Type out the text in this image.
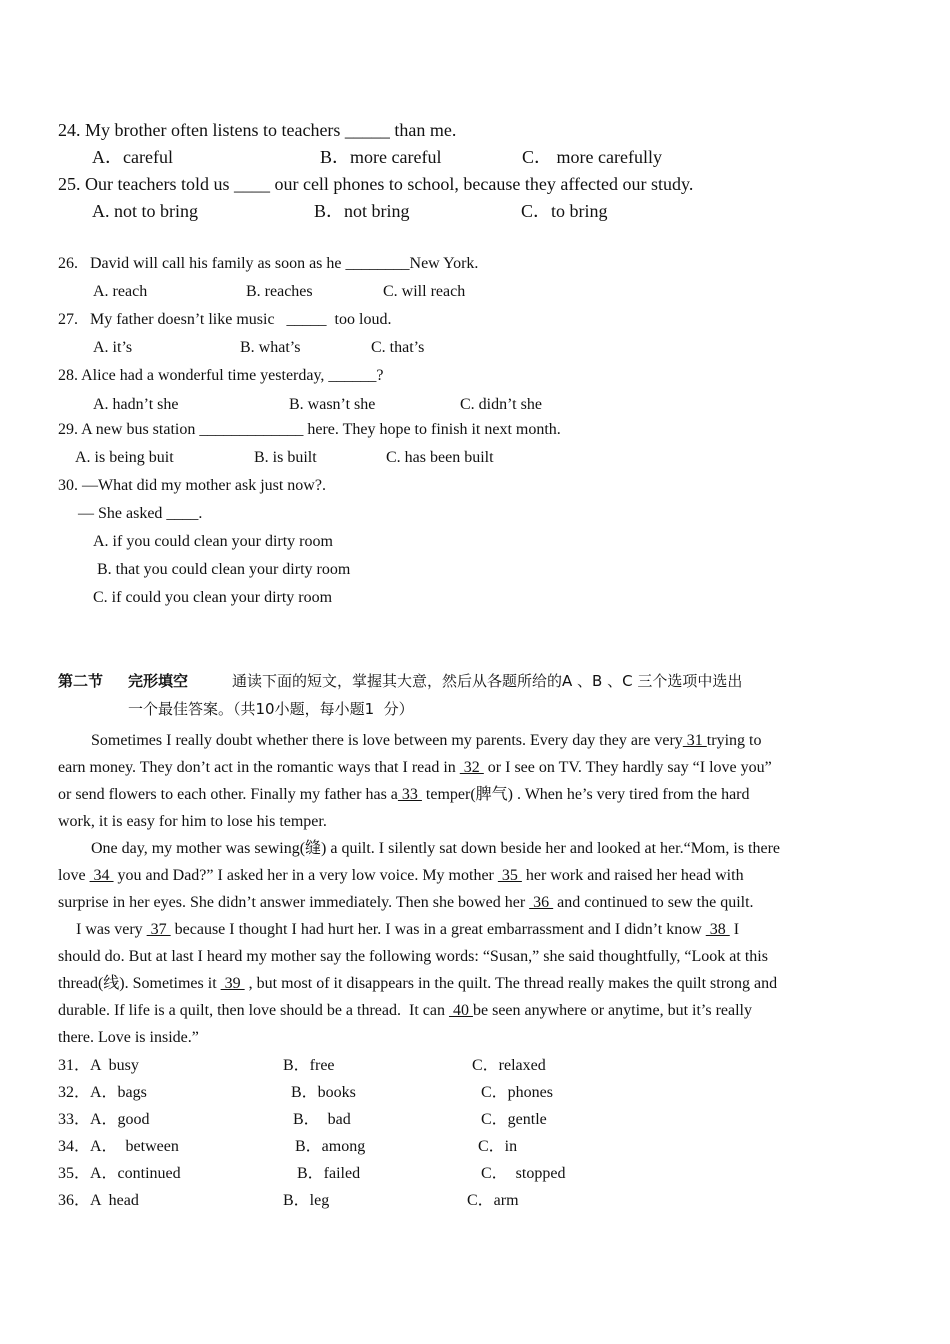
24. My brother often listens to teachers _____ than me.
A．careful	B．more careful	C． more carefully
25. Our teachers told us ____ our cell phones to school, because they affected our study.
A. not to bring	B．not bring	C．to bring
26.   David will call his family as soon as he ________New York.
A. reach	B. reaches	C. will reach
27.   My father doesn’t like music   _____  too loud.
A. it’s	B. what’s	C. that’s
28. Alice had a wonderful time yesterday, ______?
A. hadn’t she	B. wasn’t she	C. didn’t she
29. A new bus station _____________ here. They hope to finish it next month.
A. is being buit	B. is built	C. has been built
30. —What did my mother ask just now?.
— She asked ____.
A. if you could clean your dirty room
B. that you could clean your dirty room
C. if could you clean your dirty room
第二节 完形填空	通读下面的短文，掌握其大意，然后从各题所给的A 、B 、C 三个选项中选出
一个最佳答案。（共10小题，每小题1  分）
Sometimes I really doubt whether there is love between my parents. Every day they are very 31 trying to
earn money. They don’t act in the romantic ways that I read in  32  or I see on TV. They hardly say “I love you”
or send flowers to each other. Finally my father has a 33  temper(脾气) . When he’s very tired from the hard
work, it is easy for him to lose his temper.
One day, my mother was sewing(缝) a quilt. I silently sat down beside her and looked at her.“Mom, is there
love  34  you and Dad?” I asked her in a very low voice. My mother  35  her work and raised her head with
surprise in her eyes. She didn’t answer immediately. Then she bowed her  36  and continued to sew the quilt.
I was very  37  because I thought I had hurt her. I was in a great embarrassment and I didn’t know  38  I
should do. But at last I heard my mother say the following words: “Susan,” she said thoughtfully, “Look at this
thread(线). Sometimes it  39  , but most of it disappears in the quilt. The thread really makes the quilt strong and
durable. If life is a quilt, then love should be a thread.  It can  40 be seen anywhere or anytime, but it’s really
there. Love is inside.”
31．A  busy	B．free	C．relaxed
32．A．bags	B．books	C．phones
33．A．good	B．  bad	C．gentle
34．A．  between	B．among	C．in
35．A．continued	B．failed	C．  stopped
36．A  head	B．leg	C．arm
